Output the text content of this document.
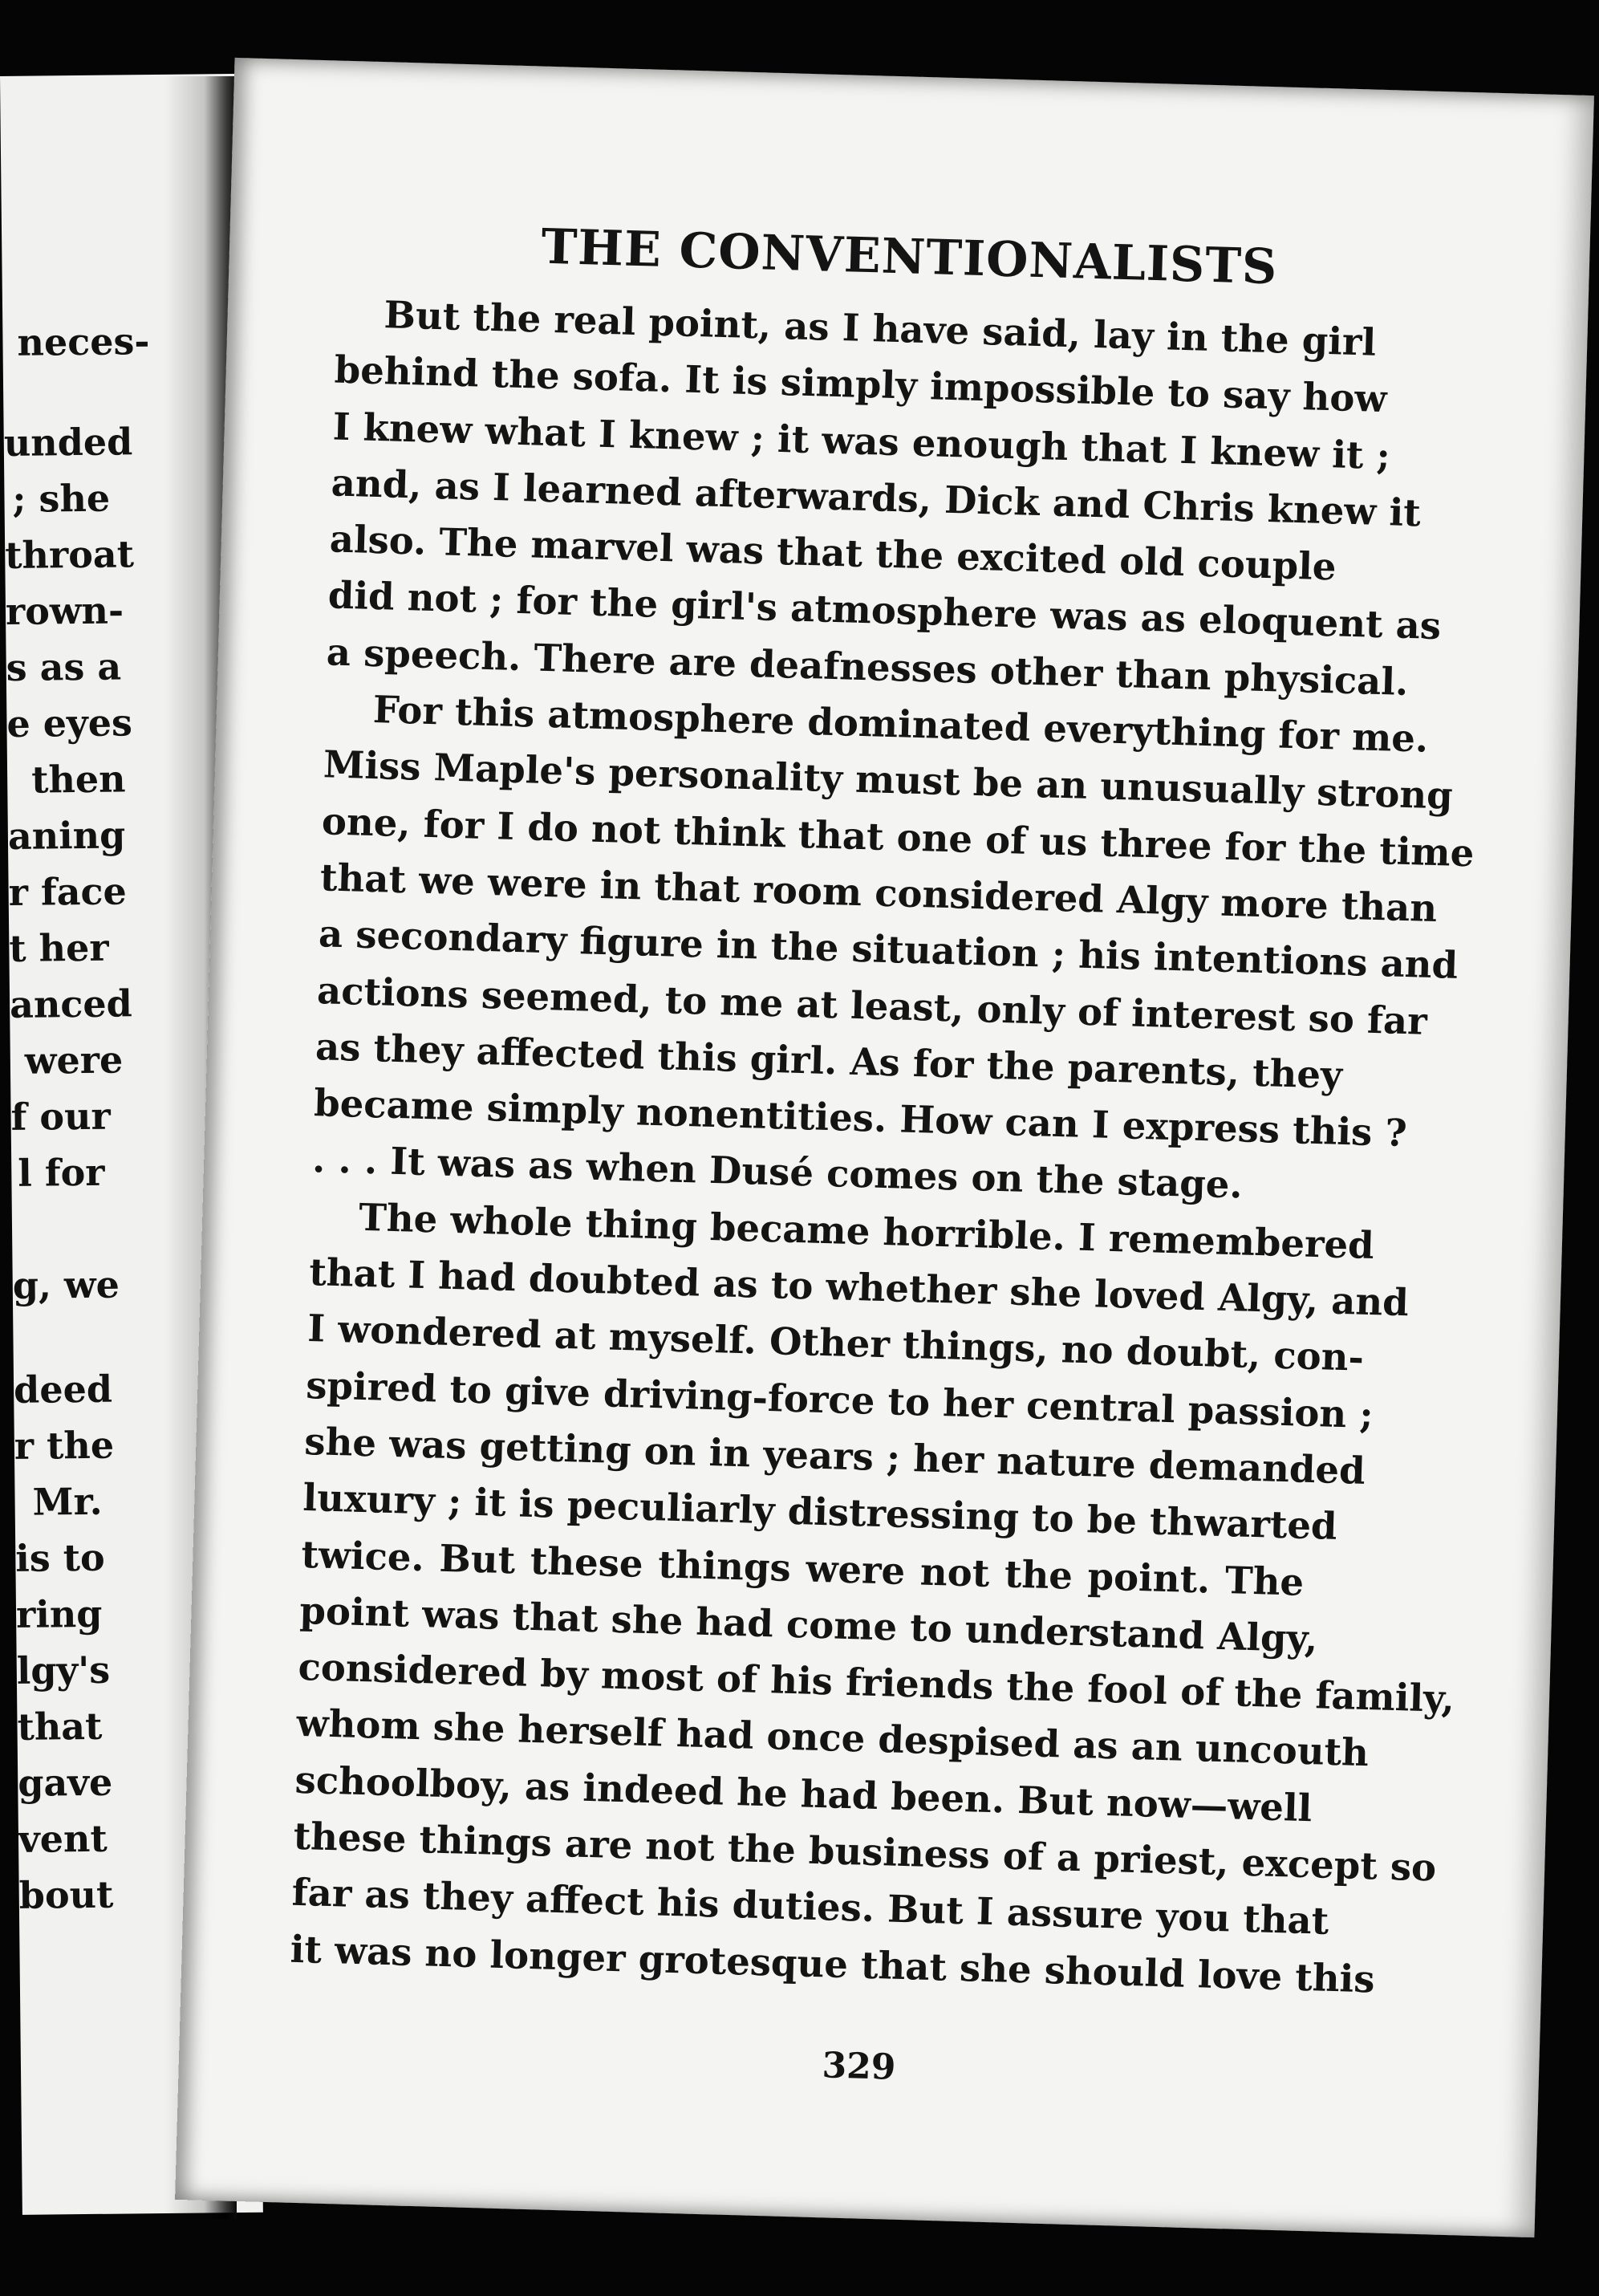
neces-
unded
; she
throat
rown-
s as a
e eyes
then
aning
r face
t her
anced
were
f our
l for
g, we
deed
r the
Mr.
is to
ring
lgy's
that
gave
vent
bout
THE CONVENTIONALISTS
But the real point, as I have said, lay in the girl
behind the sofa. It is simply impossible to say how
I knew what I knew ; it was enough that I knew it ;
and, as I learned afterwards, Dick and Chris knew it
also. The marvel was that the excited old couple
did not ; for the girl's atmosphere was as eloquent as
a speech. There are deafnesses other than physical.
For this atmosphere dominated everything for me.
Miss Maple's personality must be an unusually strong
one, for I do not think that one of us three for the time
that we were in that room considered Algy more than
a secondary figure in the situation ; his intentions and
actions seemed, to me at least, only of interest so far
as they affected this girl. As for the parents, they
became simply nonentities. How can I express this ?
. . . It was as when Dusé comes on the stage.
The whole thing became horrible. I remembered
that I had doubted as to whether she loved Algy, and
I wondered at myself. Other things, no doubt, con-
spired to give driving-force to her central passion ;
she was getting on in years ; her nature demanded
luxury ; it is peculiarly distressing to be thwarted
twice. But these things were not the point. The
point was that she had come to understand Algy,
considered by most of his friends the fool of the family,
whom she herself had once despised as an uncouth
schoolboy, as indeed he had been. But now—well
these things are not the business of a priest, except so
far as they affect his duties. But I assure you that
it was no longer grotesque that she should love this
329
